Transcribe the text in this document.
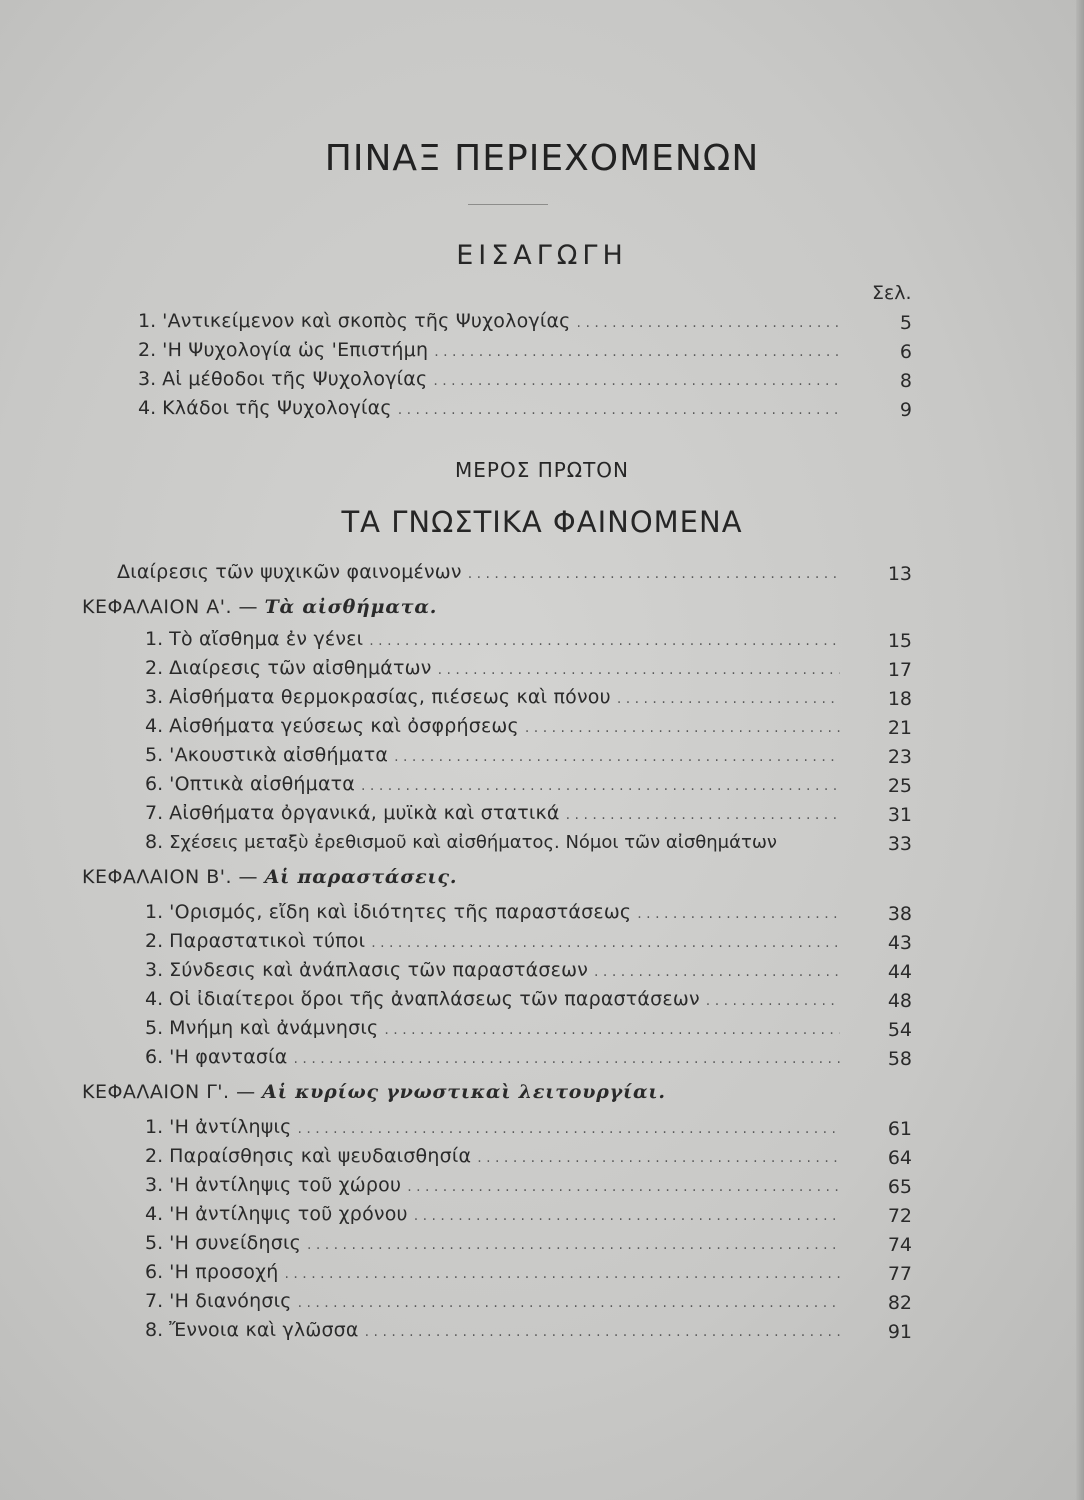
ΠΙΝΑΞ ΠΕΡΙΕΧΟΜΕΝΩΝ
ΕΙΣΑΓΩΓΗ
Σελ.
1. 'Αντικείμενον καὶ σκοπὸς τῆς Ψυχολογίας . . .	5
2. 'Η Ψυχολογία ὡς 'Επιστήμη . . .	6
3. Αἱ μέθοδοι τῆς Ψυχολογίας . . .	8
4. Κλάδοι τῆς Ψυχολογίας . . .	9
ΜΕΡΟΣ ΠΡΩΤΟΝ
ΤΑ ΓΝΩΣΤΙΚΑ ΦΑΙΝΟΜΕΝΑ
Διαίρεσις τῶν ψυχικῶν φαινομένων . . .	13
ΚΕΦΑΛΑΙΟΝ Α'. — Τὰ αἰσθήματα.
1. Τὸ αἴσθημα ἐν γένει . . .	15
2. Διαίρεσις τῶν αἰσθημάτων . . .	17
3. Αἰσθήματα θερμοκρασίας, πιέσεως καὶ πόνου . . .	18
4. Αἰσθήματα γεύσεως καὶ ὀσφρήσεως . . .	21
5. 'Ακουστικὰ αἰσθήματα . . .	23
6. 'Οπτικὰ αἰσθήματα . . .	25
7. Αἰσθήματα ὀργανικά, μυϊκὰ καὶ στατικά . . .	31
8. Σχέσεις μεταξὺ ἐρεθισμοῦ καὶ αἰσθήματος. Νόμοι τῶν αἰσθημάτων	33
ΚΕΦΑΛΑΙΟΝ Β'. — Αἱ παραστάσεις.
1. 'Ορισμός, εἴδη καὶ ἰδιότητες τῆς παραστάσεως . . .	38
2. Παραστατικοὶ τύποι . . .	43
3. Σύνδεσις καὶ ἀνάπλασις τῶν παραστάσεων . . .	44
4. Οἱ ἰδιαίτεροι ὅροι τῆς ἀναπλάσεως τῶν παραστάσεων . . .	48
5. Μνήμη καὶ ἀνάμνησις . . .	54
6. 'Η φαντασία . . .	58
ΚΕΦΑΛΑΙΟΝ Γ'. — Αἱ κυρίως γνωστικαὶ λειτουργίαι.
1. 'Η ἀντίληψις . . .	61
2. Παραίσθησις καὶ ψευδαισθησία . . .	64
3. 'Η ἀντίληψις τοῦ χώρου . . .	65
4. 'Η ἀντίληψις τοῦ χρόνου . . .	72
5. 'Η συνείδησις . . .	74
6. 'Η προσοχή . . .	77
7. 'Η διανόησις . . .	82
8. Ἔννοια καὶ γλῶσσα . . .	91
